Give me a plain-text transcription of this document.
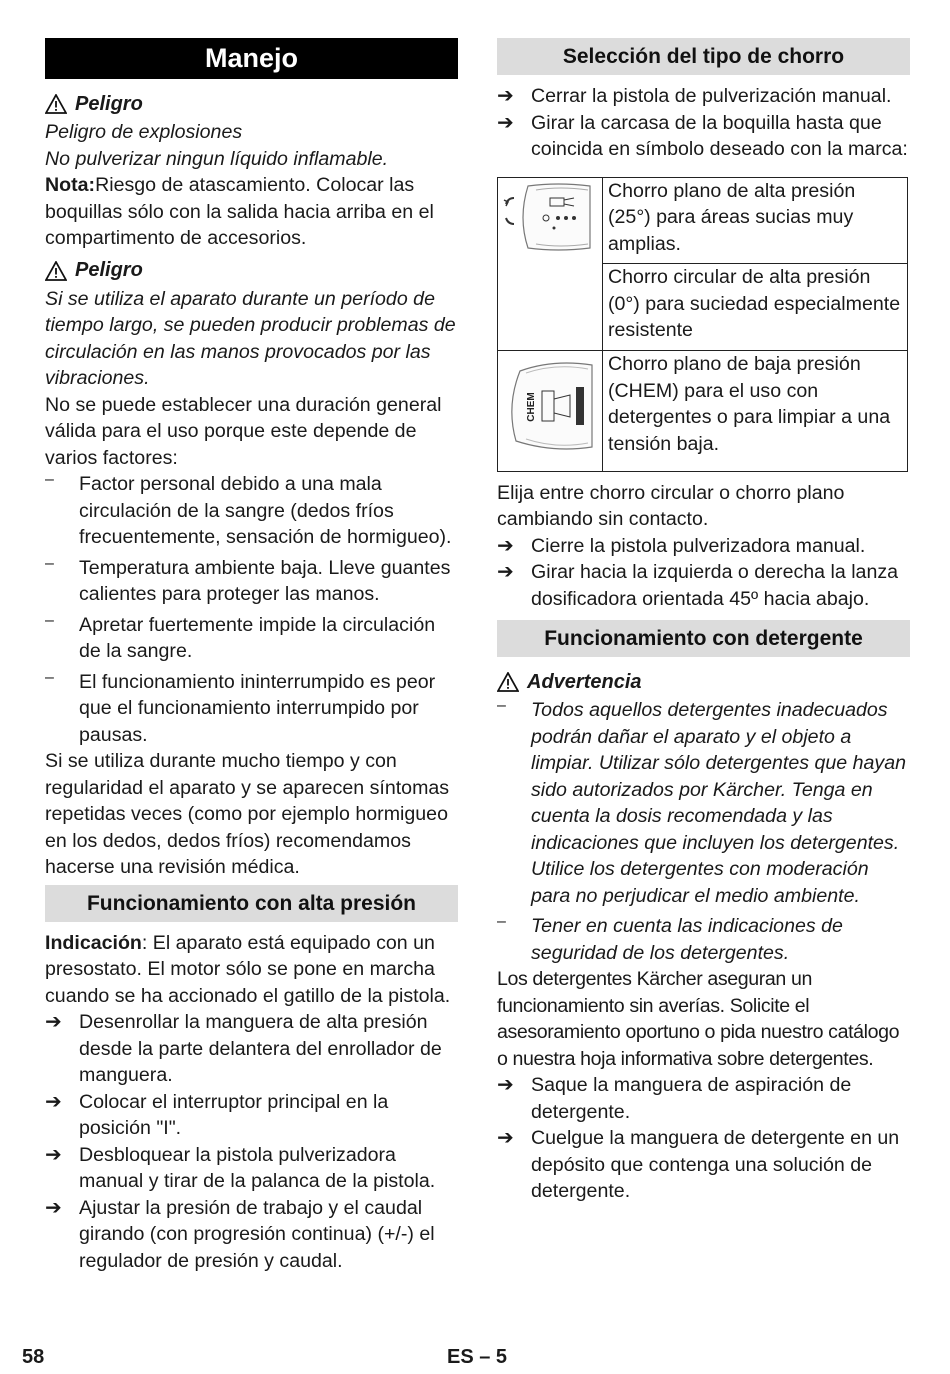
Manejo
Peligro

Peligro de explosiones

No pulverizar ningun líquido inflamable.

Nota:Riesgo de atascamiento. Colocar las boquillas sólo con la salida hacia arriba en el compartimento de accesorios.

Peligro

Si se utiliza el aparato durante un período de tiempo largo, se pueden producir problemas de circulación en las manos provocados por las vibraciones.

No se puede establecer una duración general válida para el uso porque este depende de varios factores:

–	Factor personal debido a una mala circulación de la sangre (dedos fríos frecuentemente, sensación de hormigueo).
–	Temperatura ambiente baja. Lleve guantes calientes para proteger las manos.
–	Apretar fuertemente impide la circulación de la sangre.
–	El funcionamiento ininterrumpido es peor que el funcionamiento interrumpido por pausas.

Si se utiliza durante mucho tiempo y con regularidad el aparato y se aparecen síntomas repetidas veces (como por ejemplo hormigueo en los dedos, dedos fríos) recomendamos hacerse una revisión médica.

Funcionamiento con alta presión

Indicación: El aparato está equipado con un presostato. El motor sólo se pone en marcha cuando se ha accionado el gatillo de la pistola.

➔ Desenrollar la manguera de alta presión desde la parte delantera del enrollador de manguera.
➔ Colocar el interruptor principal en la posición "I".
➔ Desbloquear la pistola pulverizadora manual y tirar de la palanca de la pistola.
➔ Ajustar la presión de trabajo y el caudal girando (con progresión continua) (+/-) el regulador de presión y caudal.
Selección del tipo de chorro
➔ Cerrar la pistola de pulverización manual.
➔ Girar la carcasa de la boquilla hasta que coincida en símbolo deseado con la marca:
	Chorro plano de alta presión (25°) para áreas sucias muy amplias.
	Chorro circular de alta presión (0°) para suciedad especialmente resistente

CHEM	Chorro plano de baja presión (CHEM) para el uso con detergentes o para limpiar a una tensión baja.

Elija entre chorro circular o chorro plano cambiando sin contacto.

➔ Cierre la pistola pulverizadora manual.
➔ Girar hacia la izquierda o derecha la lanza dosificadora orientada 45º hacia abajo.
Funcionamiento con detergente
Advertencia
–	Todos aquellos detergentes inadecuados podrán dañar el aparato y el objeto a limpiar. Utilizar sólo detergentes que hayan sido autorizados por Kärcher. Tenga en cuenta la dosis recomendada y las indicaciones que incluyen los detergentes. Utilice los detergentes con moderación para no perjudicar el medio ambiente.
–	Tener en cuenta las indicaciones de seguridad de los detergentes.

Los detergentes Kärcher aseguran un funcionamiento sin averías. Solicite el asesoramiento oportuno o pida nuestro catálogo o nuestra hoja informativa sobre detergentes.

➔ Saque la manguera de aspiración de detergente.
➔ Cuelgue la manguera de detergente en un depósito que contenga una solución de detergente.
58	ES – 5
